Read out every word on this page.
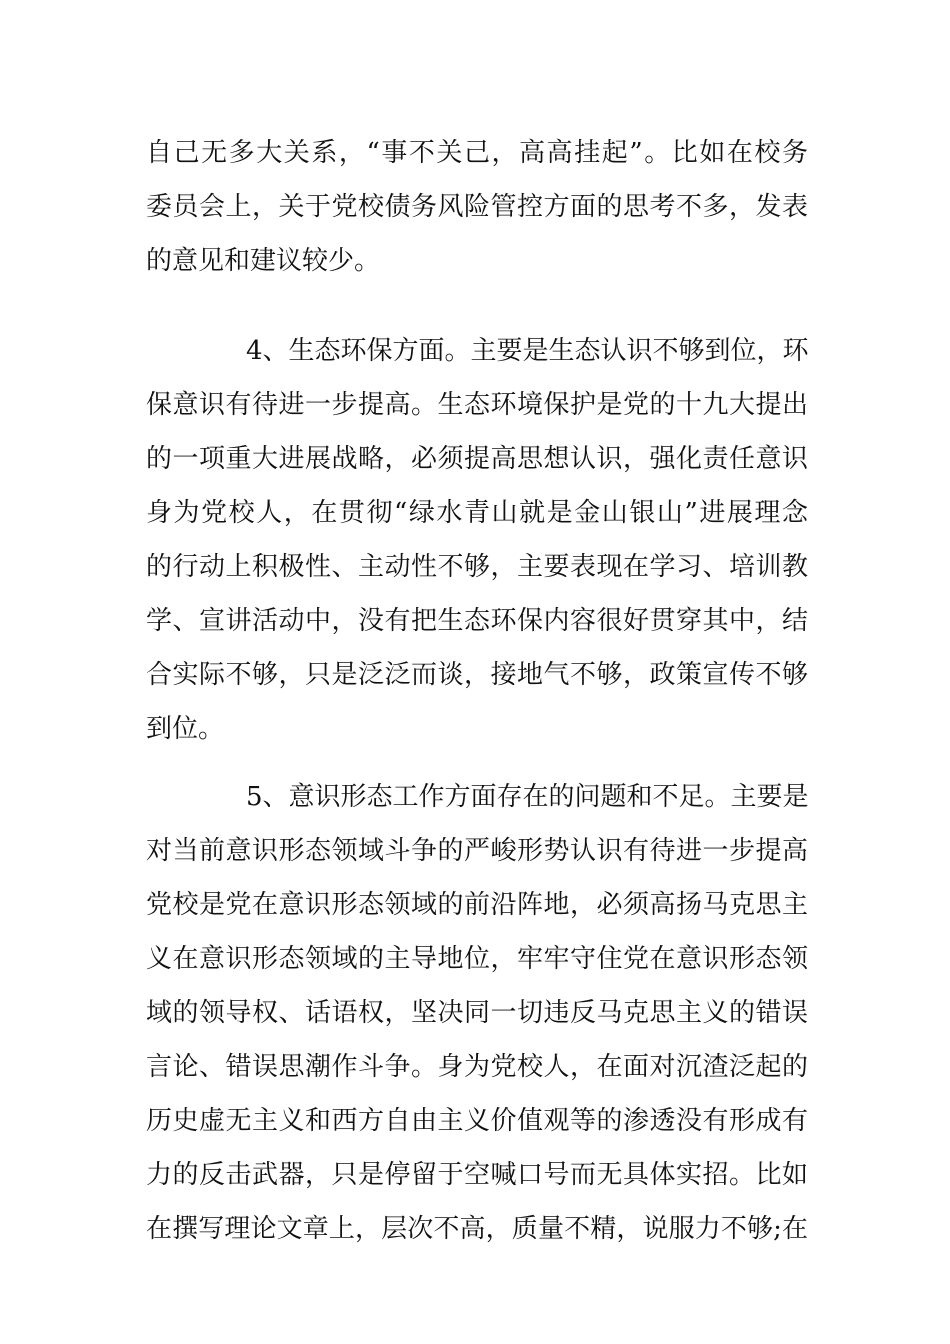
自己无多大关系，“事不关己，高高挂起”。比如在校务
委员会上，关于党校债务风险管控方面的思考不多，发表
的意见和建议较少。
4、生态环保方面。主要是生态认识不够到位，环
保意识有待进一步提高。生态环境保护是党的十九大提出
的一项重大进展战略，必须提高思想认识，强化责任意识
身为党校人，在贯彻“绿水青山就是金山银山”进展理念
的行动上积极性、主动性不够，主要表现在学习、培训教
学、宣讲活动中，没有把生态环保内容很好贯穿其中，结
合实际不够，只是泛泛而谈，接地气不够，政策宣传不够
到位。
5、意识形态工作方面存在的问题和不足。主要是
对当前意识形态领域斗争的严峻形势认识有待进一步提高
党校是党在意识形态领域的前沿阵地，必须高扬马克思主
义在意识形态领域的主导地位，牢牢守住党在意识形态领
域的领导权、话语权，坚决同一切违反马克思主义的错误
言论、错误思潮作斗争。身为党校人，在面对沉渣泛起的
历史虚无主义和西方自由主义价值观等的渗透没有形成有
力的反击武器，只是停留于空喊口号而无具体实招。比如
在撰写理论文章上，层次不高，质量不精，说服力不够;在
